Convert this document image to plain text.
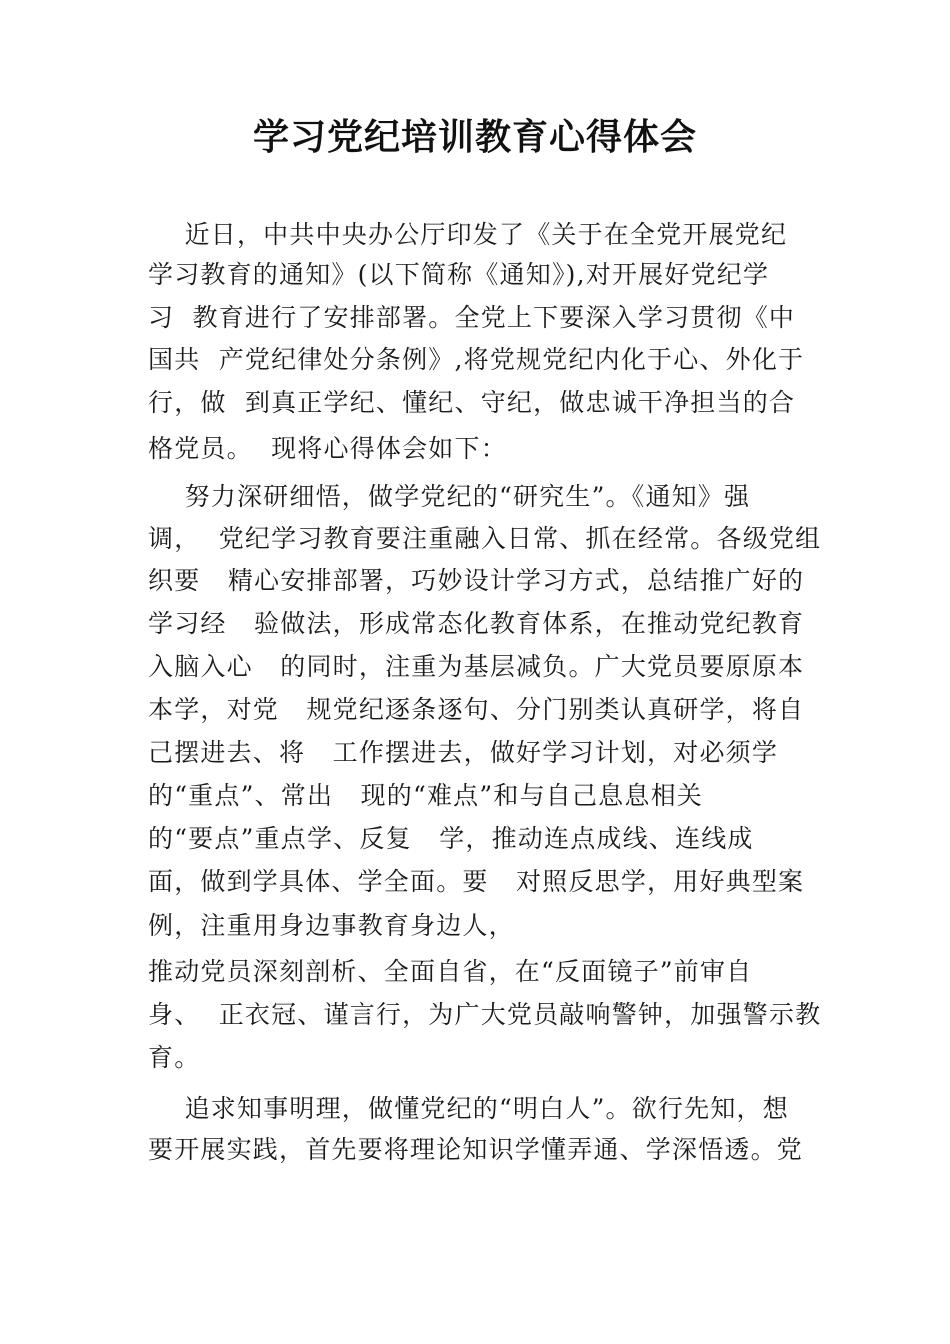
学习党纪培训教育心得体会
近日，中共中央办公厅印发了《关于在全党开展党纪
学习教育的通知》(以下简称《通知》),对开展好党纪学
习  教育进行了安排部署。全党上下要深入学习贯彻《中
国共  产党纪律处分条例》,将党规党纪内化于心、外化于
行，做  到真正学纪、懂纪、守纪，做忠诚干净担当的合
格党员。  现将心得体会如下：
努力深研细悟，做学党纪的“研究生”。《通知》强
调，  党纪学习教育要注重融入日常、抓在经常。各级党组
织要   精心安排部署，巧妙设计学习方式，总结推广好的
学习经   验做法，形成常态化教育体系，在推动党纪教育
入脑入心   的同时，注重为基层减负。广大党员要原原本
本学，对党   规党纪逐条逐句、分门别类认真研学，将自
己摆进去、将   工作摆进去，做好学习计划，对必须学
的“重点”、常出   现的“难点”和与自己息息相关
的“要点”重点学、反复   学，推动连点成线、连线成
面，做到学具体、学全面。要   对照反思学，用好典型案
例，注重用身边事教育身边人，
推动党员深刻剖析、全面自省，在“反面镜子”前审自
身、  正衣冠、谨言行，为广大党员敲响警钟，加强警示教
育。
追求知事明理，做懂党纪的“明白人”。欲行先知，想
要开展实践，首先要将理论知识学懂弄通、学深悟透。党
